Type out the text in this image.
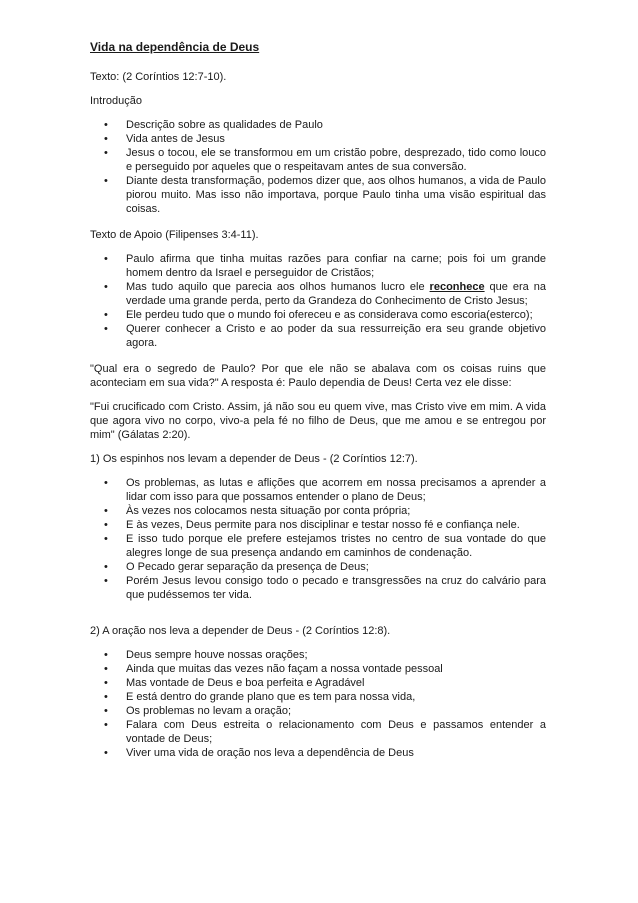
Vida na dependência de Deus
Texto: (2 Coríntios 12:7-10).
Introdução
•	Descrição sobre as qualidades de Paulo
•	Vida antes de Jesus
•	Jesus o tocou, ele se transformou em um cristão pobre, desprezado, tido como louco e perseguido por aqueles que o respeitavam antes de sua conversão.
•	Diante desta transformação, podemos dizer que, aos olhos humanos, a vida de Paulo piorou muito. Mas isso não importava, porque Paulo tinha uma visão espiritual das coisas.
Texto de Apoio (Filipenses 3:4-11).
•	Paulo afirma que tinha muitas razões para confiar na carne; pois foi um grande homem dentro da Israel e perseguidor de Cristãos;
•	Mas tudo aquilo que parecia aos olhos humanos lucro ele reconhece que era na verdade uma grande perda, perto da Grandeza do Conhecimento de Cristo Jesus;
•	Ele perdeu tudo que o mundo foi ofereceu e as considerava como escoria(esterco);
•	Querer conhecer a Cristo e ao poder da sua ressurreição era seu grande objetivo agora.
"Qual era o segredo de Paulo? Por que ele não se abalava com os coisas ruins que aconteciam em sua vida?" A resposta é: Paulo dependia de Deus! Certa vez ele disse:
"Fui crucificado com Cristo. Assim, já não sou eu quem vive, mas Cristo vive em mim. A vida que agora vivo no corpo, vivo-a pela fé no filho de Deus, que me amou e se entregou por mim" (Gálatas 2:20).
1) Os espinhos nos levam a depender de Deus - (2 Coríntios 12:7).
•	Os problemas, as lutas e aflições que acorrem em nossa precisamos a aprender a lidar com isso para que possamos entender o plano de Deus;
•	Às vezes nos colocamos nesta situação por conta própria;
•	E às vezes, Deus permite para nos disciplinar e testar nosso fé e confiança nele.
•	E isso tudo porque ele prefere estejamos tristes no centro de sua vontade do que alegres longe de sua presença andando em caminhos de condenação.
•	O Pecado gerar separação da presença de Deus;
•	Porém Jesus levou consigo todo o pecado e transgressões na cruz do calvário para que pudéssemos ter vida.
2) A oração nos leva a depender de Deus - (2 Coríntios 12:8).
•	Deus sempre houve nossas orações;
•	Ainda que muitas das vezes não façam a nossa vontade pessoal
•	Mas vontade de Deus e boa perfeita e Agradável
•	E está dentro do grande plano que es tem para nossa vida,
•	Os problemas no levam a oração;
•	Falara com Deus estreita o relacionamento com Deus e passamos entender a vontade de Deus;
•	Viver uma vida de oração nos leva a dependência de Deus
